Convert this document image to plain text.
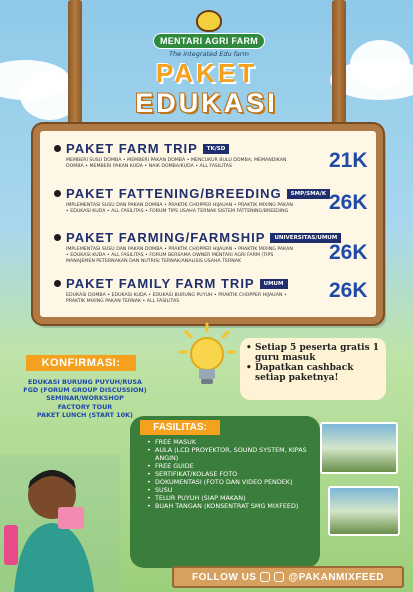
MENTARI AGRI FARM
The integrated Edu farm
PAKET
EDUKASI
PAKET FARM TRIP	TK/SD
MEMBERI SUSU DOMBA • MEMBERI PAKAN DOMBA • MENCUKUR BULU DOMBA, MEMANDIKAN DOMBA • MEMBERI PAKAN KUDA • NAIK DOMBA/KUDA • ALL FASILITAS	21K
PAKET FATTENING/BREEDING	SMP/SMA/K
IMPLEMENTASI SUSU DAN PAKAN DOMBA • PRAKTIK CHOPPER HIJAUAN • PRAKTIK MIXING PAKAN • EDUKASI KUDA • ALL FASILITAS • FORUM TIPS USAHA TERNAK SISTEM FATTENING/BREEDING 26K
PAKET FARMING/FARMSHIP	UNIVERSITAS/UMUM
IMPLEMENTASI SUSU DAN PAKAN DOMBA • PRAKTIK CHOPPER HIJAUAN • PRAKTIK MIXING PAKAN • EDUKASI KUDA • ALL FASILITAS • FORUM BERSAMA OWNER MENTARI AGRI FARM (TIPS MANAJEMEN PETERNAKAN DAN NUTRISI TERNAK/ANALISIS USAHA TERNAK	26K
PAKET FAMILY FARM TRIP	UMUM
EDUKASI DOMBA • EDUKASI KUDA • EDUKASI BURUNG PUYUH • PRAKTIK CHOPPER HIJAUAN • PRAKTIK MIXING PAKAN TERNAK • ALL FASILITAS	26K
• Setiap 5 peserta gratis 1 guru masuk
• Dapatkan cashback setiap paketnya!
KONFIRMASI:
EDUKASI BURUNG PUYUH/RUSA
FGD (FORUM GROUP DISCUSSION)
SEMINAR/WORKSHOP
FACTORY TOUR
PAKET LUNCH (START 10K)
FASILITAS:
• FREE MASUK
• AULA (LCD PROYEKTOR, SOUND SYSTEM, KIPAS ANGIN)
• FREE GUIDE
• SERTIFIKAT/KOLASE FOTO
• DOKUMENTASI (FOTO DAN VIDEO PENDEK)
• SUSU
• TELUR PUYUH (SIAP MAKAN)
• BUAH TANGAN (KONSENTRAT SMG MIXFEED)
FOLLOW US	@PAKANMIXFEED
